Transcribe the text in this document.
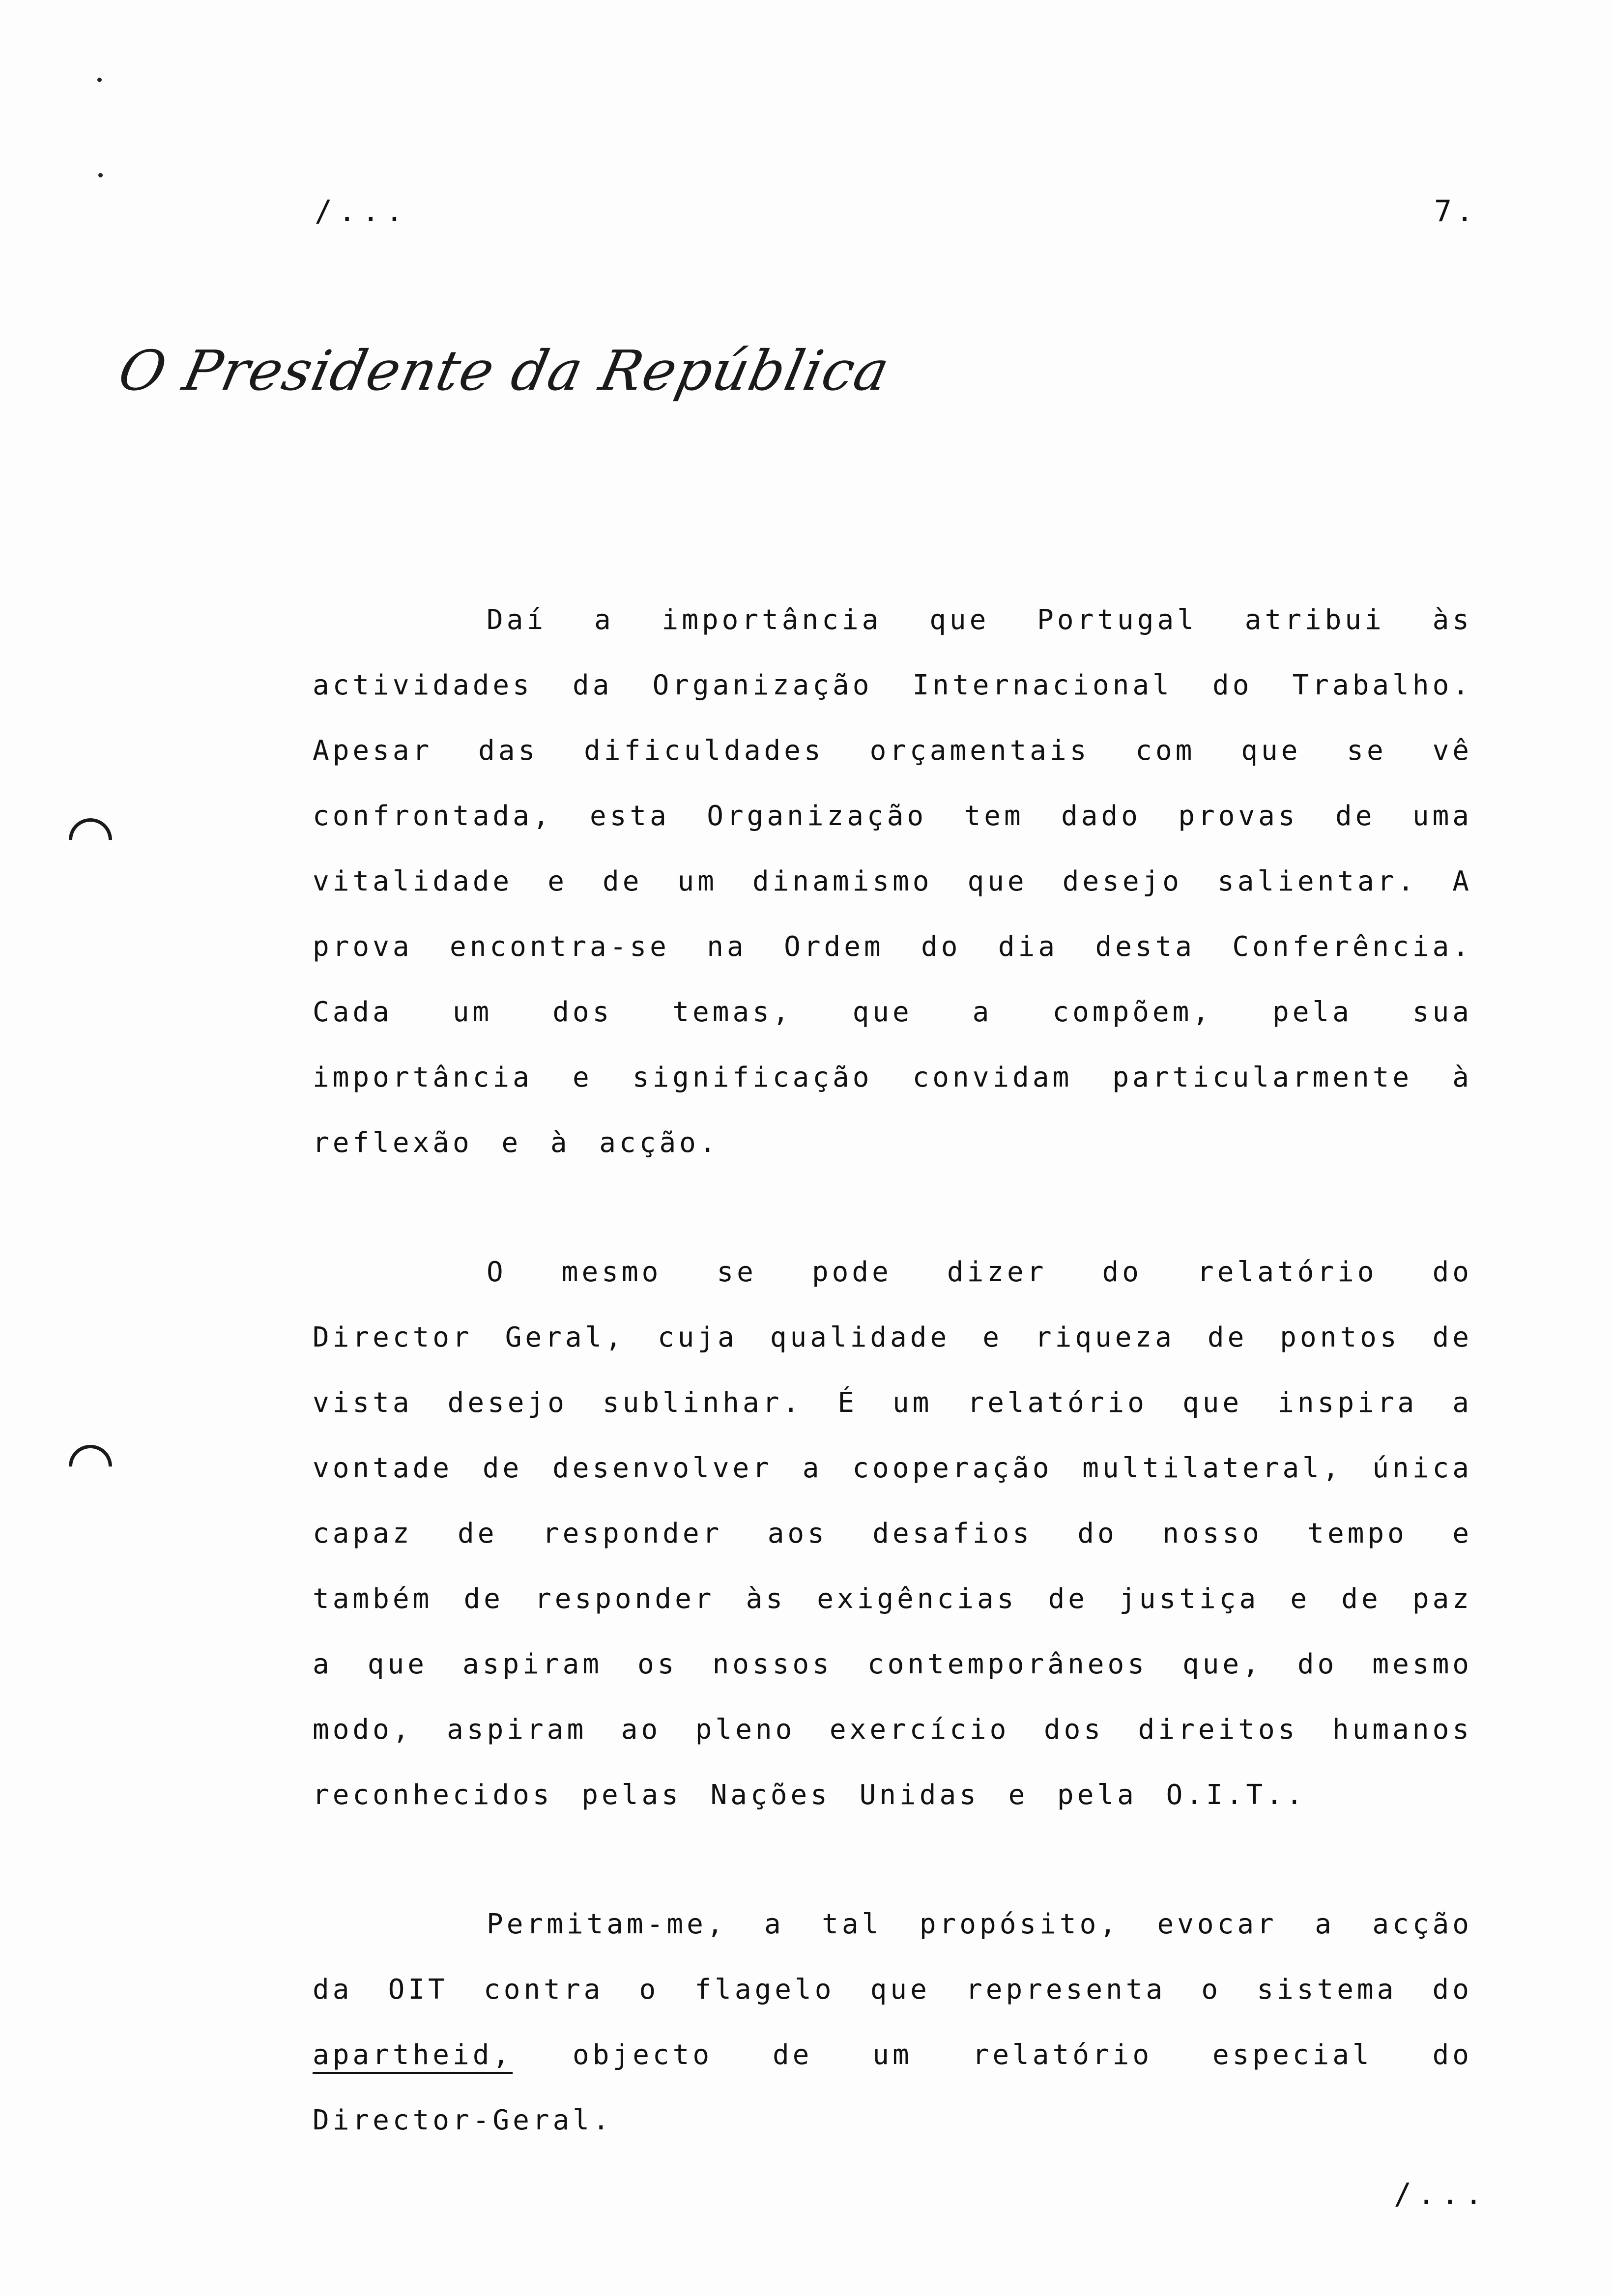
/...	7.
O Presidente da República

Daí a importância que Portugal atribui às actividades da Organização Internacional do Trabalho. Apesar das dificuldades orçamentais com que se vê confrontada, esta Organização tem dado provas de uma vitalidade e de um dinamismo que desejo salientar. A prova encontra-se na Ordem do dia desta Conferência. Cada um dos temas, que a compõem, pela sua importância e significação convidam particularmente à reflexão e à acção.

O mesmo se pode dizer do relatório do Director Geral, cuja qualidade e riqueza de pontos de vista desejo sublinhar. É um relatório que inspira a vontade de desenvolver a cooperação multilateral, única capaz de responder aos desafios do nosso tempo e também de responder às exigências de justiça e de paz a que aspiram os nossos contemporâneos que, do mesmo modo, aspiram ao pleno exercício dos direitos humanos reconhecidos pelas Nações Unidas e pela O.I.T..

Permitam-me, a tal propósito, evocar a acção da OIT contra o flagelo que representa o sistema do apartheid, objecto de um relatório especial do Director-Geral.

/...
